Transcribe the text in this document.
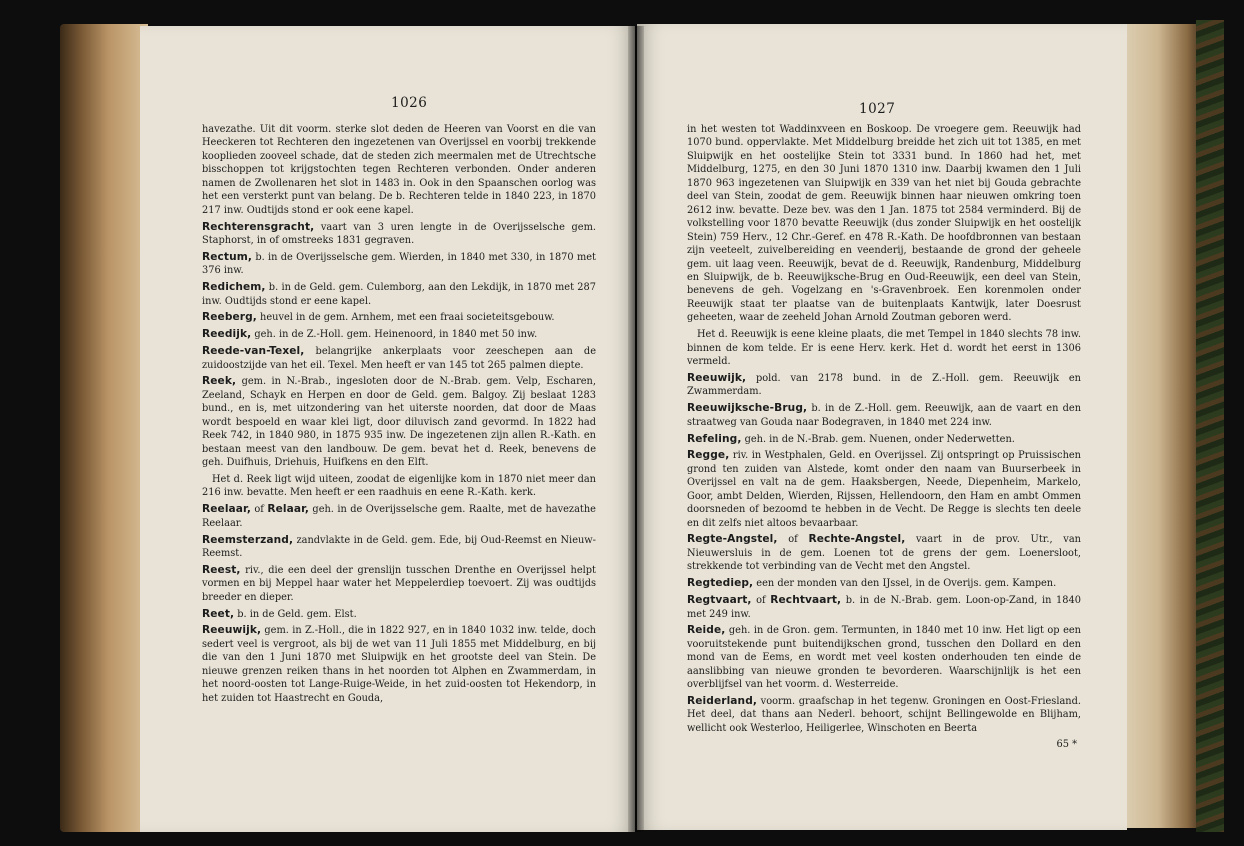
1026

havezathe. Uit dit voorm. sterke slot deden de Heeren van Voorst en die van Heeckeren tot Rechteren den ingezetenen van Overijssel en voorbij trekkende kooplieden zooveel schade, dat de steden zich meermalen met de Utrechtsche bisschoppen tot krijgstochten tegen Rechteren verbonden. Onder anderen namen de Zwollenaren het slot in 1483 in. Ook in den Spaanschen oorlog was het een versterkt punt van belang. De b. Rechteren telde in 1840 223, in 1870 217 inw. Oudtijds stond er ook eene kapel.

Rechterensgracht, vaart van 3 uren lengte in de Overijsselsche gem. Staphorst, in of omstreeks 1831 gegraven.

Rectum, b. in de Overijsselsche gem. Wierden, in 1840 met 330, in 1870 met 376 inw.

Redichem, b. in de Geld. gem. Culemborg, aan den Lekdijk, in 1870 met 287 inw. Oudtijds stond er eene kapel.

Reeberg, heuvel in de gem. Arnhem, met een fraai societeitsgebouw.

Reedijk, geh. in de Z.-Holl. gem. Heinenoord, in 1840 met 50 inw.

Reede-van-Texel, belangrijke ankerplaats voor zeeschepen aan de zuidoostzijde van het eil. Texel. Men heeft er van 145 tot 265 palmen diepte.

Reek, gem. in N.-Brab., ingesloten door de N.-Brab. gem. Velp, Escharen, Zeeland, Schayk en Herpen en door de Geld. gem. Balgoy. Zij beslaat 1283 bund., en is, met uitzondering van het uiterste noorden, dat door de Maas wordt bespoeld en waar klei ligt, door diluvisch zand gevormd. In 1822 had Reek 742, in 1840 980, in 1875 935 inw. De ingezetenen zijn allen R.-Kath. en bestaan meest van den landbouw. De gem. bevat het d. Reek, benevens de geh. Duifhuis, Driehuis, Huifkens en den Elft.

Het d. Reek ligt wijd uiteen, zoodat de eigenlijke kom in 1870 niet meer dan 216 inw. bevatte. Men heeft er een raadhuis en eene R.-Kath. kerk.

Reelaar, of Relaar, geh. in de Overijsselsche gem. Raalte, met de havezathe Reelaar.

Reemsterzand, zandvlakte in de Geld. gem. Ede, bij Oud-Reemst en Nieuw-Reemst.

Reest, riv., die een deel der grenslijn tusschen Drenthe en Overijssel helpt vormen en bij Meppel haar water het Meppelerdiep toevoert. Zij was oudtijds breeder en dieper.

Reet, b. in de Geld. gem. Elst.

Reeuwijk, gem. in Z.-Holl., die in 1822 927, en in 1840 1032 inw. telde, doch sedert veel is vergroot, als bij de wet van 11 Juli 1855 met Middelburg, en bij die van den 1 Juni 1870 met Sluipwijk en het grootste deel van Stein. De nieuwe grenzen reiken thans in het noorden tot Alphen en Zwammerdam, in het noord-oosten tot Lange-Ruige-Weide, in het zuid-oosten tot Hekendorp, in het zuiden tot Haastrecht en Gouda,

1027

in het westen tot Waddinxveen en Boskoop. De vroegere gem. Reeuwijk had 1070 bund. oppervlakte. Met Middelburg breidde het zich uit tot 1385, en met Sluipwijk en het oostelijke Stein tot 3331 bund. In 1860 had het, met Middelburg, 1275, en den 30 Juni 1870 1310 inw. Daarbij kwamen den 1 Juli 1870 963 ingezetenen van Sluipwijk en 339 van het niet bij Gouda gebrachte deel van Stein, zoodat de gem. Reeuwijk binnen haar nieuwen omkring toen 2612 inw. bevatte. Deze bev. was den 1 Jan. 1875 tot 2584 verminderd. Bij de volkstelling voor 1870 bevatte Reeuwijk (dus zonder Sluipwijk en het oostelijk Stein) 759 Herv., 12 Chr.-Geref. en 478 R.-Kath. De hoofdbronnen van bestaan zijn veeteelt, zuivelbereiding en veenderij, bestaande de grond der geheele gem. uit laag veen. Reeuwijk, bevat de d. Reeuwijk, Randenburg, Middelburg en Sluipwijk, de b. Reeuwijksche-Brug en Oud-Reeuwijk, een deel van Stein, benevens de geh. Vogelzang en 's-Gravenbroek. Een korenmolen onder Reeuwijk staat ter plaatse van de buitenplaats Kantwijk, later Doesrust geheeten, waar de zeeheld Johan Arnold Zoutman geboren werd.

Het d. Reeuwijk is eene kleine plaats, die met Tempel in 1840 slechts 78 inw. binnen de kom telde. Er is eene Herv. kerk. Het d. wordt het eerst in 1306 vermeld.

Reeuwijk, pold. van 2178 bund. in de Z.-Holl. gem. Reeuwijk en Zwammerdam.

Reeuwijksche-Brug, b. in de Z.-Holl. gem. Reeuwijk, aan de vaart en den straatweg van Gouda naar Bodegraven, in 1840 met 224 inw.

Refeling, geh. in de N.-Brab. gem. Nuenen, onder Nederwetten.

Regge, riv. in Westphalen, Geld. en Overijssel. Zij ontspringt op Pruissischen grond ten zuiden van Alstede, komt onder den naam van Buurserbeek in Overijssel en valt na de gem. Haaksbergen, Neede, Diepenheim, Markelo, Goor, ambt Delden, Wierden, Rijssen, Hellendoorn, den Ham en ambt Ommen doorsneden of bezoomd te hebben in de Vecht. De Regge is slechts ten deele en dit zelfs niet altoos bevaarbaar.

Regte-Angstel, of Rechte-Angstel, vaart in de prov. Utr., van Nieuwersluis in de gem. Loenen tot de grens der gem. Loenersloot, strekkende tot verbinding van de Vecht met den Angstel.

Regtediep, een der monden van den IJssel, in de Overijs. gem. Kampen.

Regtvaart, of Rechtvaart, b. in de N.-Brab. gem. Loon-op-Zand, in 1840 met 249 inw.

Reide, geh. in de Gron. gem. Termunten, in 1840 met 10 inw. Het ligt op een vooruitstekende punt buitendijkschen grond, tusschen den Dollard en den mond van de Eems, en wordt met veel kosten onderhouden ten einde de aanslibbing van nieuwe gronden te bevorderen. Waarschijnlijk is het een overblijfsel van het voorm. d. Westerreide.

Reiderland, voorm. graafschap in het tegenw. Groningen en Oost-Friesland. Het deel, dat thans aan Nederl. behoort, schijnt Bellingewolde en Blijham, wellicht ook Westerloo, Heiligerlee, Winschoten en Beerta

65 *
